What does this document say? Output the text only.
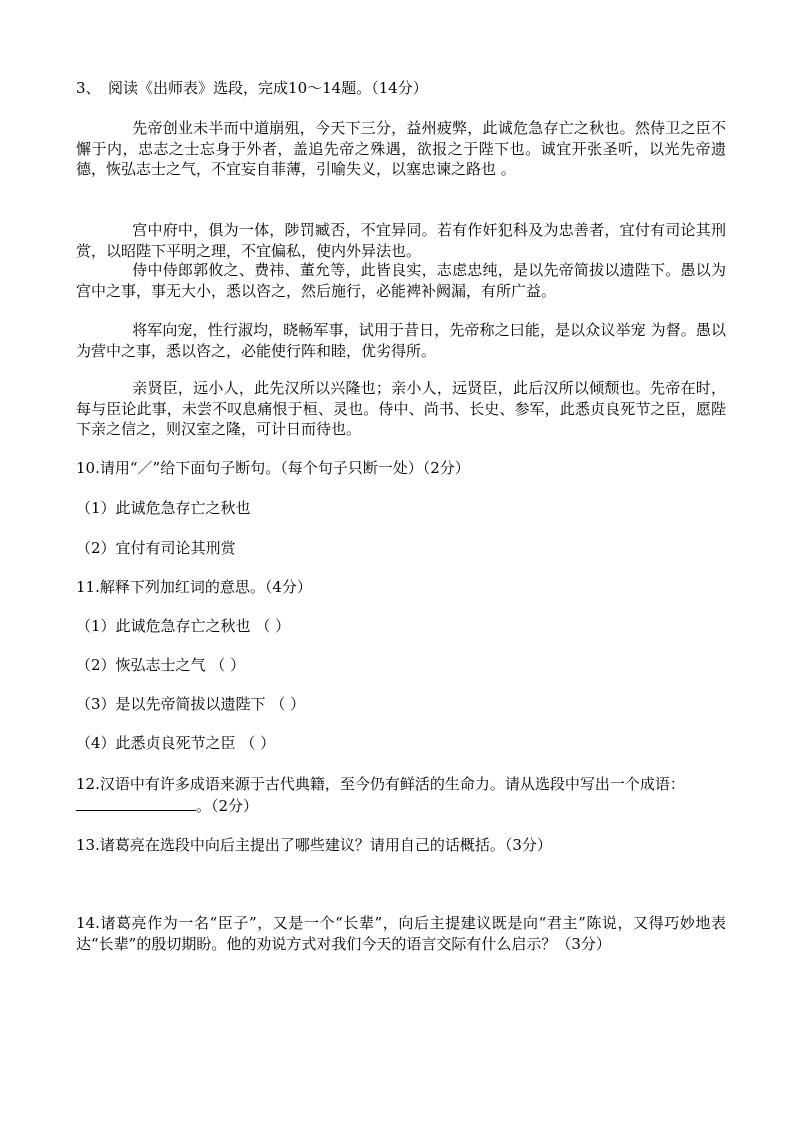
3、　阅读《出师表》选段，完成10～14题。（14分）

先帝创业未半而中道崩殂，今天下三分，益州疲弊，此诚危急存亡之秋也。然侍卫之臣不懈于内，忠志之士忘身于外者，盖追先帝之殊遇，欲报之于陛下也。诚宜开张圣听，以光先帝遗德，恢弘志士之气，不宜妄自菲薄，引喻失义，以塞忠谏之路也 。

宫中府中，俱为一体，陟罚臧否，不宜异同。若有作奸犯科及为忠善者，宜付有司论其刑赏，以昭陛下平明之理，不宜偏私，使内外异法也。

侍中侍郎郭攸之、费祎、董允等，此皆良实，志虑忠纯，是以先帝简拔以遗陛下。愚以为宫中之事，事无大小，悉以咨之，然后施行，必能裨补阙漏，有所广益。

将军向宠，性行淑均，晓畅军事，试用于昔日，先帝称之曰能，是以众议举宠 为督。愚以为营中之事，悉以咨之，必能使行阵和睦，优劣得所。

亲贤臣，远小人，此先汉所以兴隆也；亲小人，远贤臣，此后汉所以倾颓也。先帝在时，每与臣论此事，未尝不叹息痛恨于桓、灵也。侍中、尚书、长史、参军，此悉贞良死节之臣，愿陛下亲之信之，则汉室之隆，可计日而待也。

10.请用“／”给下面句子断句。（每个句子只断一处）（2分）
（1）此诚危急存亡之秋也
（2）宜付有司论其刑赏
11.解释下列加红词的意思。（4分）
（1）此诚危急存亡之秋也 （ ）
（2）恢弘志士之气 （ ）
（3）是以先帝简拔以遗陛下 （ ）
（4）此悉贞良死节之臣 （ ）
12.汉语中有许多成语来源于古代典籍，至今仍有鲜活的生命力。请从选段中写出一个成语：
。（2分）
13.诸葛亮在选段中向后主提出了哪些建议？请用自己的话概括。（3分）

14.诸葛亮作为一名“臣子”，又是一个“长辈”，向后主提建议既是向“君主”陈说，又得巧妙地表达“长辈”的殷切期盼。他的劝说方式对我们今天的语言交际有什么启示？（3分）
